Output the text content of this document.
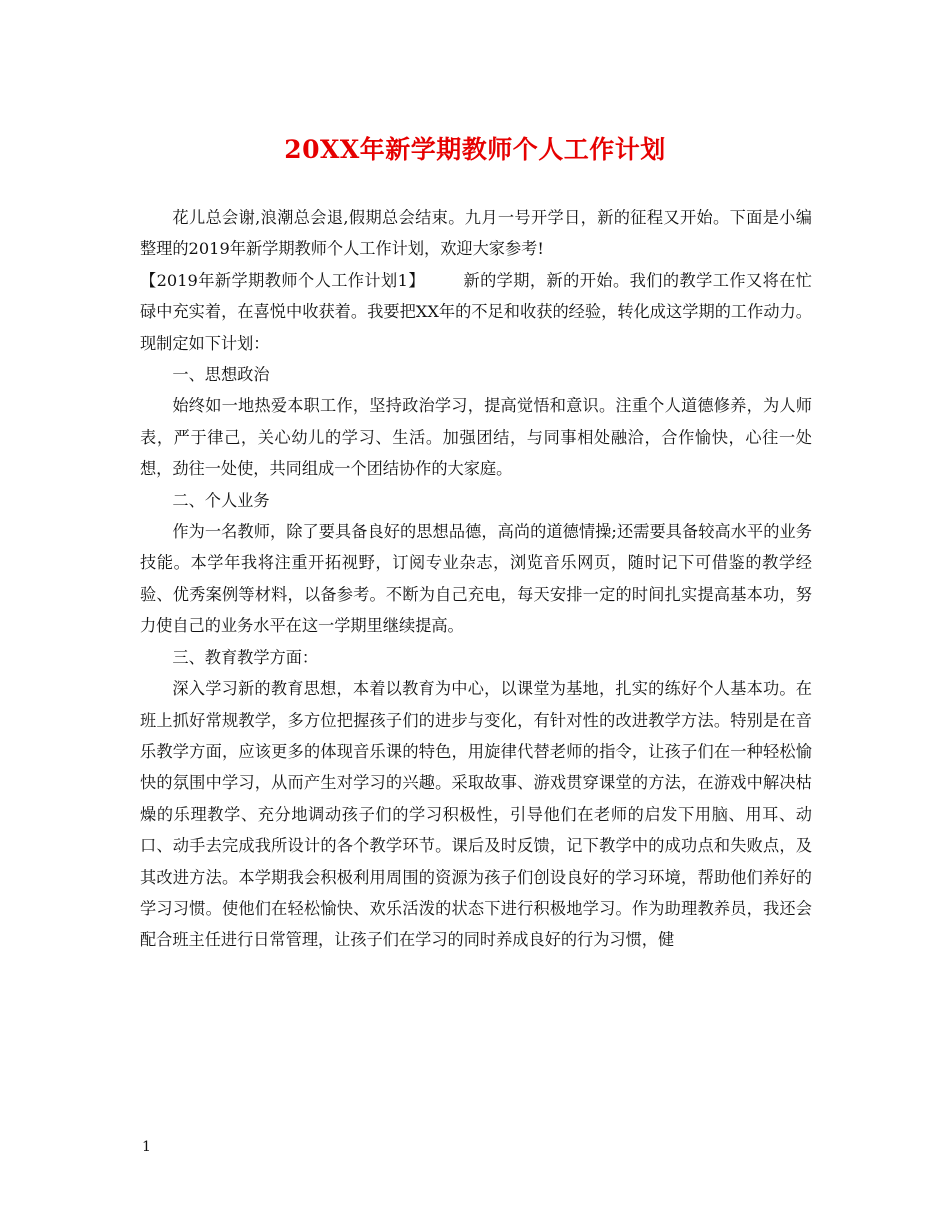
20XX年新学期教师个人工作计划

花儿总会谢,浪潮总会退,假期总会结束。九月一号开学日，新的征程又开始。下面是小编整理的2019年新学期教师个人工作计划，欢迎大家参考!

【2019年新学期教师个人工作计划1】 新的学期，新的开始。我们的教学工作又将在忙碌中充实着，在喜悦中收获着。我要把XX年的不足和收获的经验，转化成这学期的工作动力。现制定如下计划：

一、思想政治

始终如一地热爱本职工作，坚持政治学习，提高觉悟和意识。注重个人道德修养，为人师表，严于律己，关心幼儿的学习、生活。加强团结，与同事相处融洽，合作愉快，心往一处想，劲往一处使，共同组成一个团结协作的大家庭。

二、个人业务

作为一名教师，除了要具备良好的思想品德，高尚的道德情操;还需要具备较高水平的业务技能。本学年我将注重开拓视野，订阅专业杂志，浏览音乐网页，随时记下可借鉴的教学经验、优秀案例等材料，以备参考。不断为自己充电，每天安排一定的时间扎实提高基本功，努力使自己的业务水平在这一学期里继续提高。

三、教育教学方面：

深入学习新的教育思想，本着以教育为中心，以课堂为基地，扎实的练好个人基本功。在班上抓好常规教学，多方位把握孩子们的进步与变化，有针对性的改进教学方法。特别是在音乐教学方面，应该更多的体现音乐课的特色，用旋律代替老师的指令，让孩子们在一种轻松愉快的氛围中学习，从而产生对学习的兴趣。采取故事、游戏贯穿课堂的方法，在游戏中解决枯燥的乐理教学、充分地调动孩子们的学习积极性，引导他们在老师的启发下用脑、用耳、动口、动手去完成我所设计的各个教学环节。课后及时反馈，记下教学中的成功点和失败点，及其改进方法。本学期我会积极利用周围的资源为孩子们创设良好的学习环境，帮助他们养好的学习习惯。使他们在轻松愉快、欢乐活泼的状态下进行积极地学习。作为助理教养员，我还会配合班主任进行日常管理，让孩子们在学习的同时养成良好的行为习惯，健

1
